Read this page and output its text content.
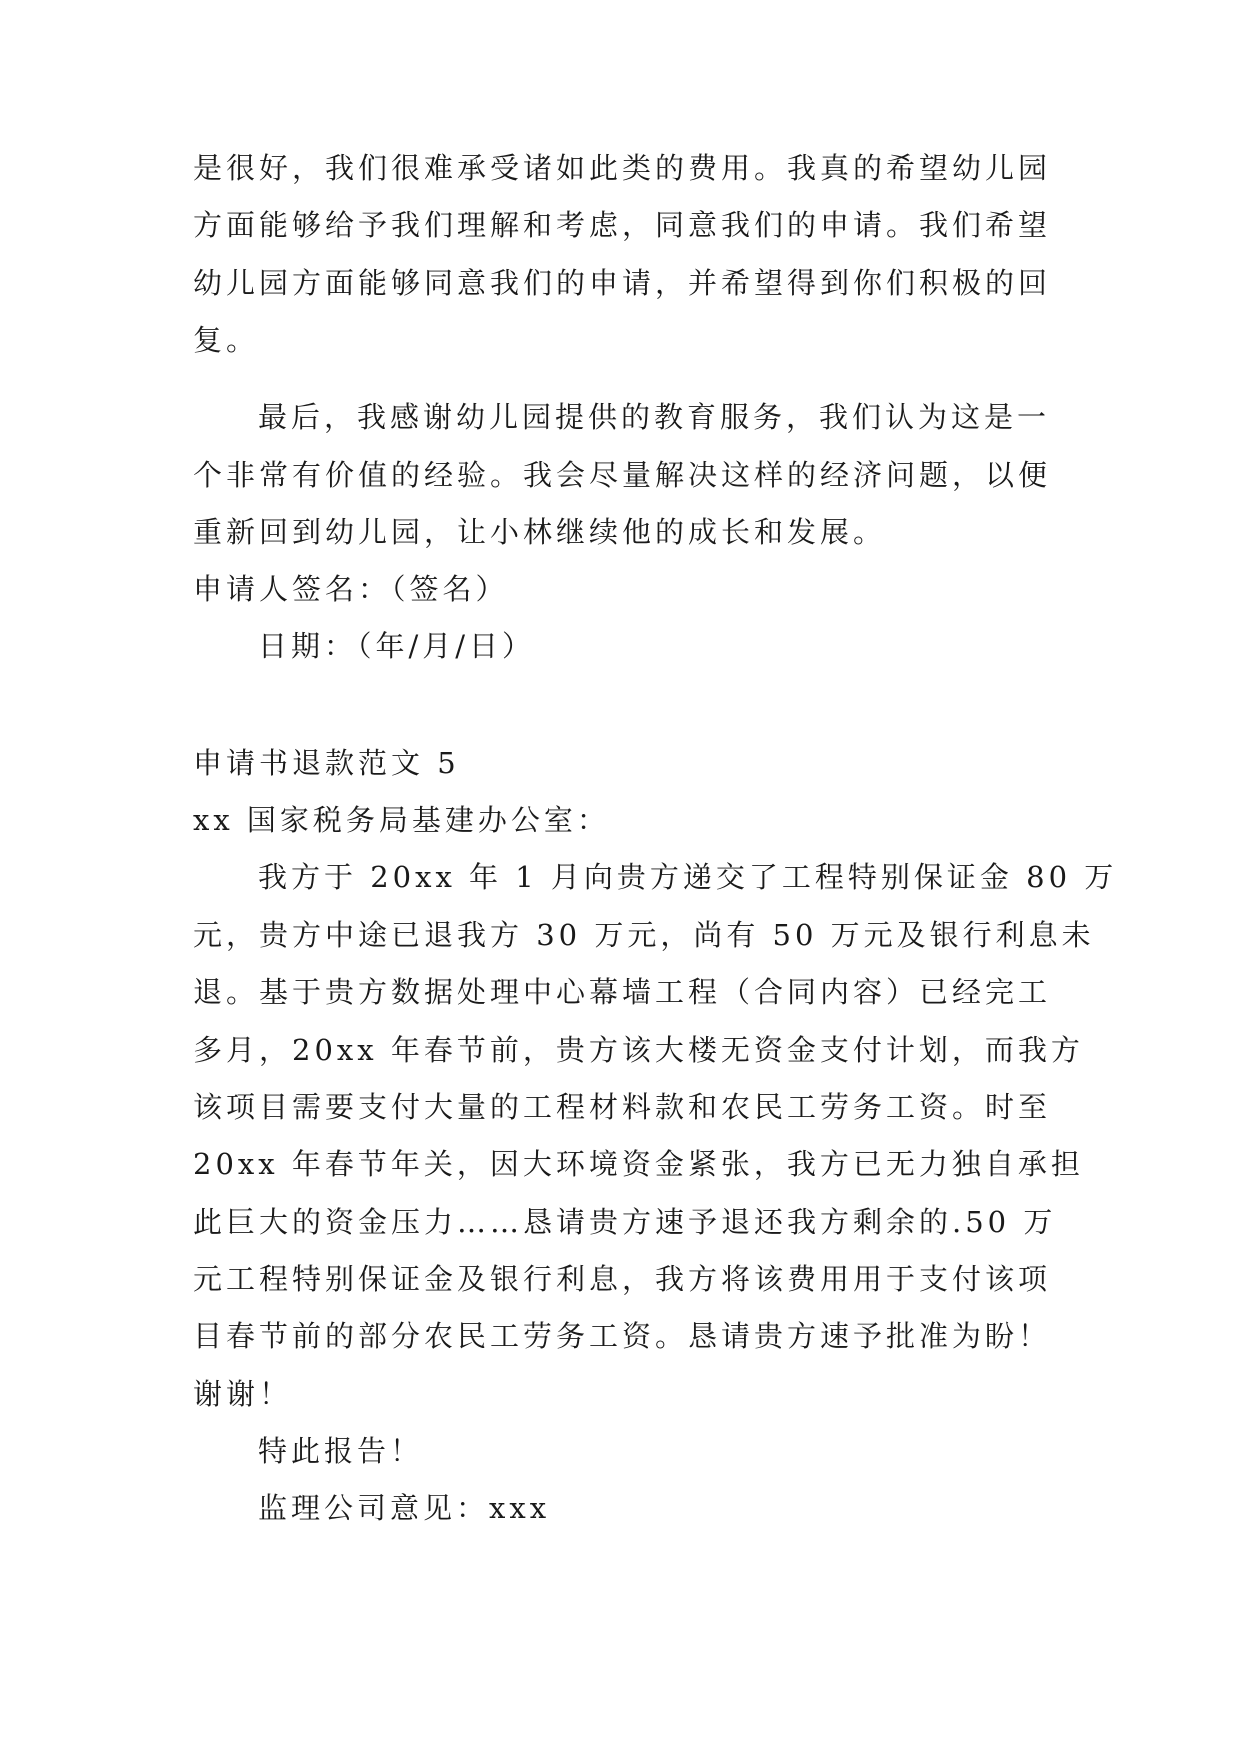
是很好，我们很难承受诸如此类的费用。我真的希望幼儿园
方面能够给予我们理解和考虑，同意我们的申请。我们希望
幼儿园方面能够同意我们的申请，并希望得到你们积极的回
复。
最后，我感谢幼儿园提供的教育服务，我们认为这是一
个非常有价值的经验。我会尽量解决这样的经济问题，以便
重新回到幼儿园，让小林继续他的成长和发展。
申请人签名：（签名）
日期：（年/月/日）
申请书退款范文 5
xx 国家税务局基建办公室：
我方于 20xx 年 1 月向贵方递交了工程特别保证金 80 万
元，贵方中途已退我方 30 万元，尚有 50 万元及银行利息未
退。基于贵方数据处理中心幕墙工程（合同内容）已经完工
多月，20xx 年春节前，贵方该大楼无资金支付计划，而我方
该项目需要支付大量的工程材料款和农民工劳务工资。时至
20xx 年春节年关，因大环境资金紧张，我方已无力独自承担
此巨大的资金压力……恳请贵方速予退还我方剩余的.50 万
元工程特别保证金及银行利息，我方将该费用用于支付该项
目春节前的部分农民工劳务工资。恳请贵方速予批准为盼！
谢谢！
特此报告！
监理公司意见：xxx
